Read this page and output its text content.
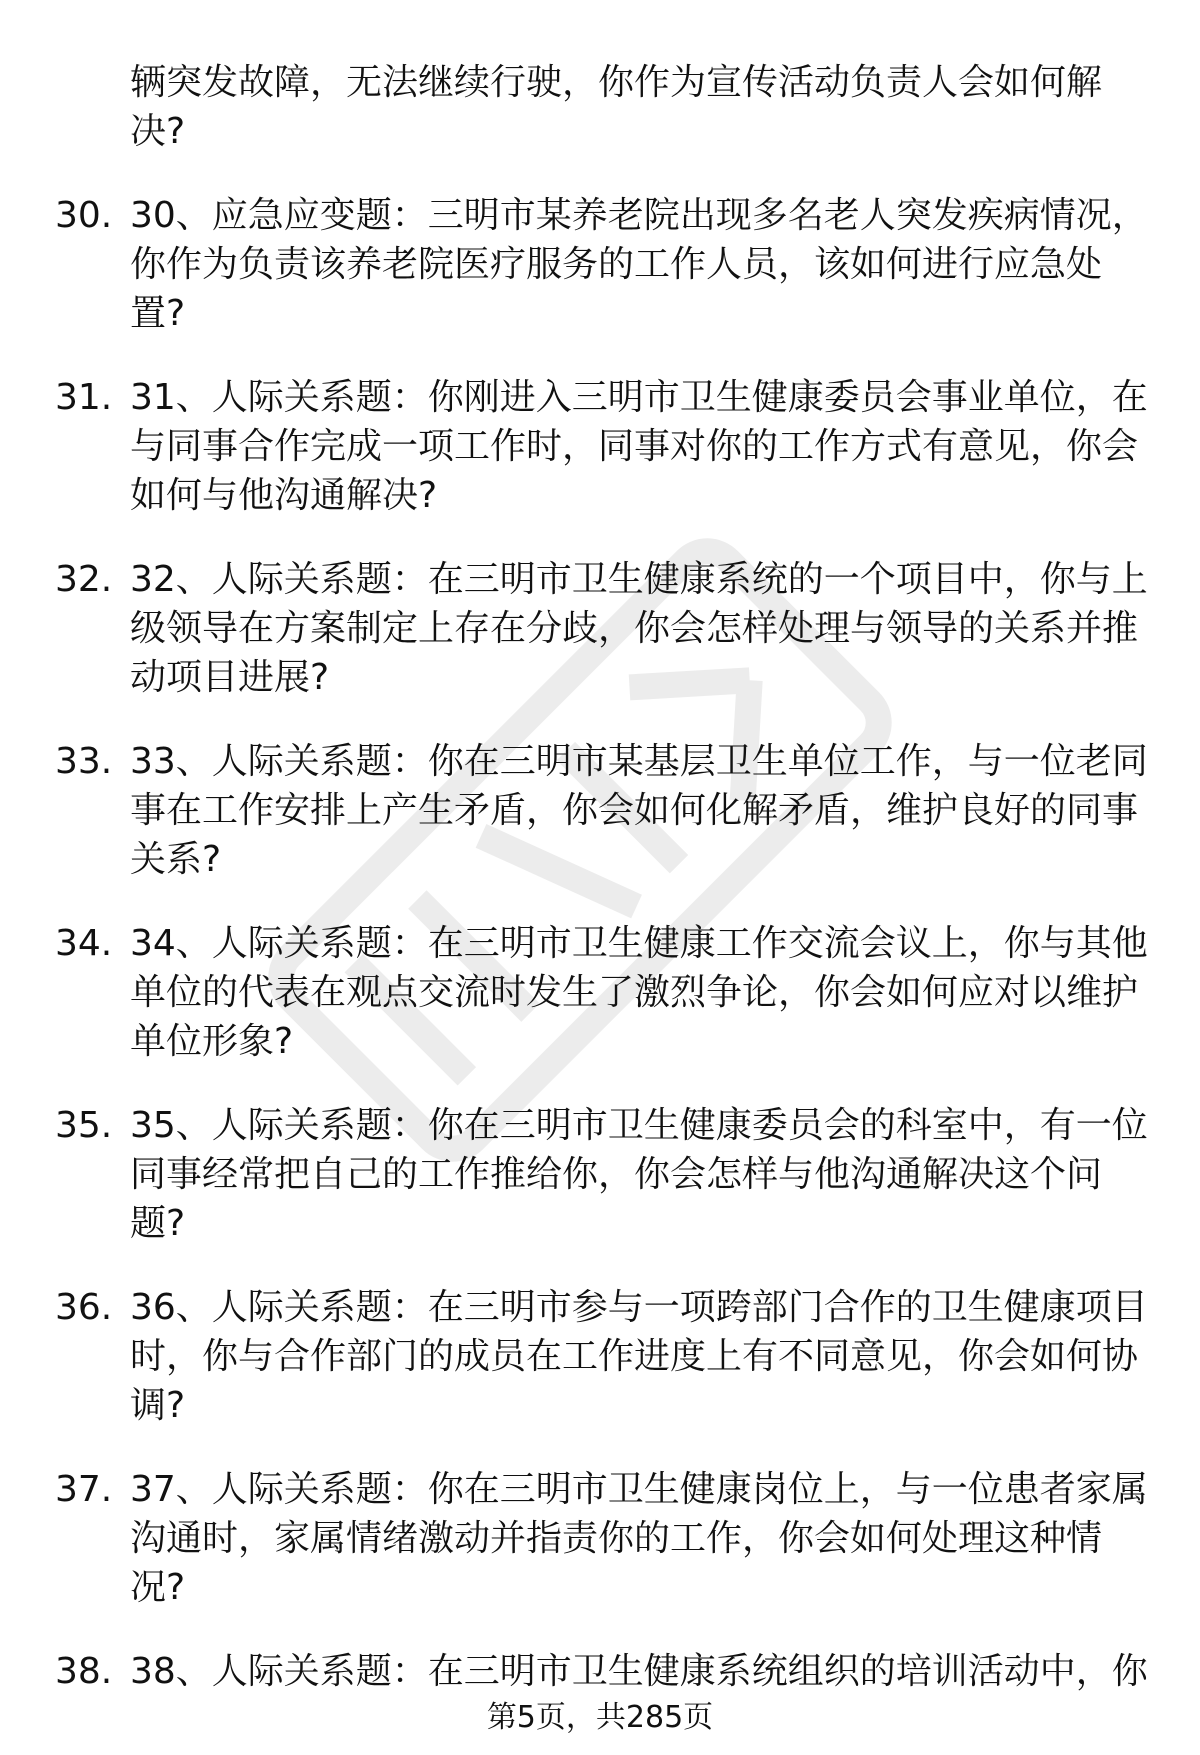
辆突发故障，无法继续行驶，你作为宣传活动负责人会如何解决?
30. 30、应急应变题：三明市某养老院出现多名老人突发疾病情况，你作为负责该养老院医疗服务的工作人员，该如何进行应急处置?
31. 31、人际关系题：你刚进入三明市卫生健康委员会事业单位，在与同事合作完成一项工作时，同事对你的工作方式有意见，你会如何与他沟通解决?
32. 32、人际关系题：在三明市卫生健康系统的一个项目中，你与上级领导在方案制定上存在分歧，你会怎样处理与领导的关系并推动项目进展?
33. 33、人际关系题：你在三明市某基层卫生单位工作，与一位老同事在工作安排上产生矛盾，你会如何化解矛盾，维护良好的同事关系?
34. 34、人际关系题：在三明市卫生健康工作交流会议上，你与其他单位的代表在观点交流时发生了激烈争论，你会如何应对以维护单位形象?
35. 35、人际关系题：你在三明市卫生健康委员会的科室中，有一位同事经常把自己的工作推给你，你会怎样与他沟通解决这个问题?
36. 36、人际关系题：在三明市参与一项跨部门合作的卫生健康项目时，你与合作部门的成员在工作进度上有不同意见，你会如何协调?
37. 37、人际关系题：你在三明市卫生健康岗位上，与一位患者家属沟通时，家属情绪激动并指责你的工作，你会如何处理这种情况?
38. 38、人际关系题：在三明市卫生健康系统组织的培训活动中，你
第5页，共285页
